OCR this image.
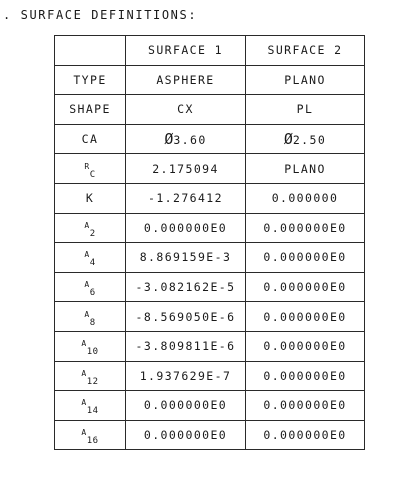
. SURFACE DEFINITIONS:
	SURFACE 1	SURFACE 2
TYPE	ASPHERE	PLANO
SHAPE	CX	PL
CA	Ø3.60	Ø2.50
$^R_C$	2.175094	PLANO
K	-1.276412	0.000000
$^A_2$	0.000000E0	0.000000E0
$^A_4$	8.869159E-3	0.000000E0
$^A_6$	-3.082162E-5	0.000000E0
$^A_8$	-8.569050E-6	0.000000E0
$^A_{10}$	-3.809811E-6	0.000000E0
$^A_{12}$	1.937629E-7	0.000000E0
$^A_{14}$	0.000000E0	0.000000E0
$^A_{16}$	0.000000E0	0.000000E0
